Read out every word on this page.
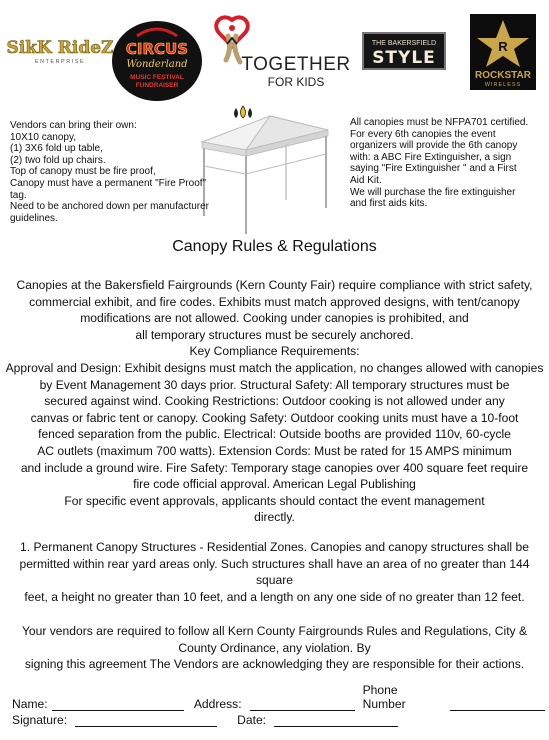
SikK RideZ
ENTERPRISE
CIRCUS
Wonderland
MUSIC FESTIVAL
FUNDRAISER
TOGETHER
FOR KIDS
THE BAKERSFIELD
STYLE
R
ROCKSTAR
WIRELESS
Vendors can bring their own:
10X10 canopy,
(1) 3X6 fold up table,
(2) two fold up chairs.
Top of canopy must be fire proof,
Canopy must have a permanent "Fire Proof"
tag.
Need to be anchored down per manufacturer
guidelines.
All canopies must be NFPA701 certified.
For every 6th canopies the event
organizers will provide the 6th canopy
with: a ABC Fire Extinguisher, a sign
saying "Fire Extinguisher " and a First
Aid Kit.
We will purchase the fire extinguisher
and first aids kits.
Canopy Rules & Regulations
Canopies at the Bakersfield Fairgrounds (Kern County Fair) require compliance with strict safety,
commercial exhibit, and fire codes. Exhibits must match approved designs, with tent/canopy
modifications are not allowed. Cooking under canopies is prohibited, and
all temporary structures must be securely anchored.
Key Compliance Requirements:
Approval and Design: Exhibit designs must match the application, no changes allowed with canopies
by Event Management 30 days prior. Structural Safety: All temporary structures must be
secured against wind. Cooking Restrictions: Outdoor cooking is not allowed under any
canvas or fabric tent or canopy. Cooking Safety: Outdoor cooking units must have a 10-foot
fenced separation from the public. Electrical: Outside booths are provided 110v, 60-cycle
AC outlets (maximum 700 watts). Extension Cords: Must be rated for 15 AMPS minimum
and include a ground wire. Fire Safety: Temporary stage canopies over 400 square feet require
fire code official approval. American Legal Publishing
For specific event approvals, applicants should contact the event management
directly.
1. Permanent Canopy Structures - Residential Zones. Canopies and canopy structures shall be
permitted within rear yard areas only. Such structures shall have an area of no greater than 144 square
feet, a height no greater than 10 feet, and a length on any one side of no greater than 12 feet.
Your vendors are required to follow all Kern County Fairgrounds Rules and Regulations, City &
County Ordinance, any violation. By
signing this agreement The Vendors are acknowledging they are responsible for their actions.
Name:	Address:
Phone Number
Signature:	Date:
